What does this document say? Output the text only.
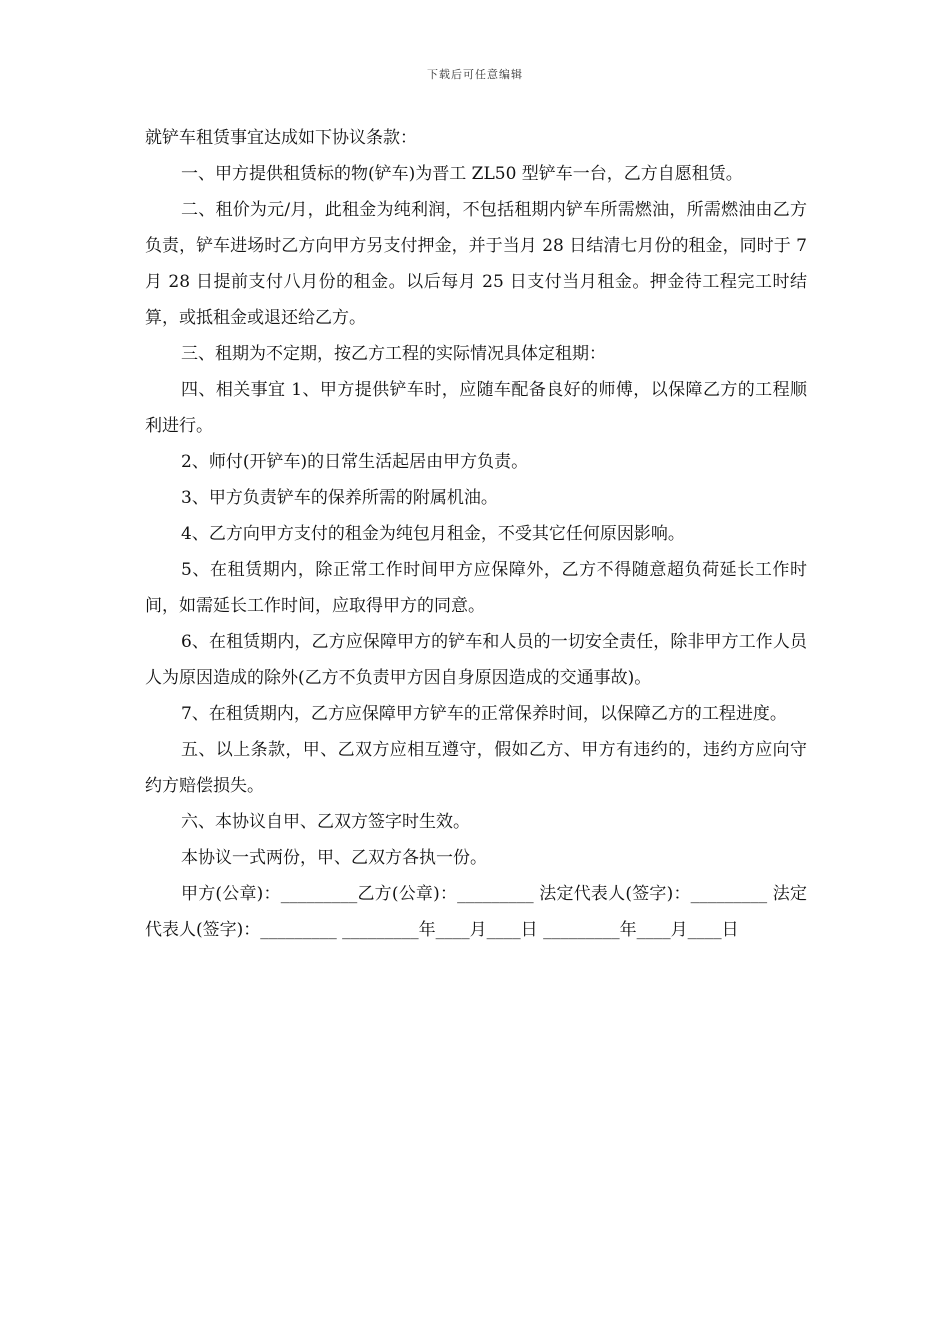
下载后可任意编辑

就铲车租赁事宜达成如下协议条款：

一、甲方提供租赁标的物(铲车)为晋工 ZL50 型铲车一台，乙方自愿租赁。

二、租价为元/月，此租金为纯利润，不包括租期内铲车所需燃油，所需燃油由乙方负责，铲车进场时乙方向甲方另支付押金，并于当月 28 日结清七月份的租金，同时于 7 月 28 日提前支付八月份的租金。以后每月 25 日支付当月租金。押金待工程完工时结算，或抵租金或退还给乙方。

三、租期为不定期，按乙方工程的实际情况具体定租期：

四、相关事宜 1、甲方提供铲车时，应随车配备良好的师傅，以保障乙方的工程顺利进行。

2、师付(开铲车)的日常生活起居由甲方负责。

3、甲方负责铲车的保养所需的附属机油。

4、乙方向甲方支付的租金为纯包月租金，不受其它任何原因影响。

5、在租赁期内，除正常工作时间甲方应保障外，乙方不得随意超负荷延长工作时间，如需延长工作时间，应取得甲方的同意。

6、在租赁期内，乙方应保障甲方的铲车和人员的一切安全责任，除非甲方工作人员人为原因造成的除外(乙方不负责甲方因自身原因造成的交通事故)。

7、在租赁期内，乙方应保障甲方铲车的正常保养时间，以保障乙方的工程进度。

五、以上条款，甲、乙双方应相互遵守，假如乙方、甲方有违约的，违约方应向守约方赔偿损失。

六、本协议自甲、乙双方签字时生效。

本协议一式两份，甲、乙双方各执一份。

甲方(公章)：_________乙方(公章)：_________ 法定代表人(签字)：_________ 法定代表人(签字)：_________ _________年____月____日 _________年____月____日
